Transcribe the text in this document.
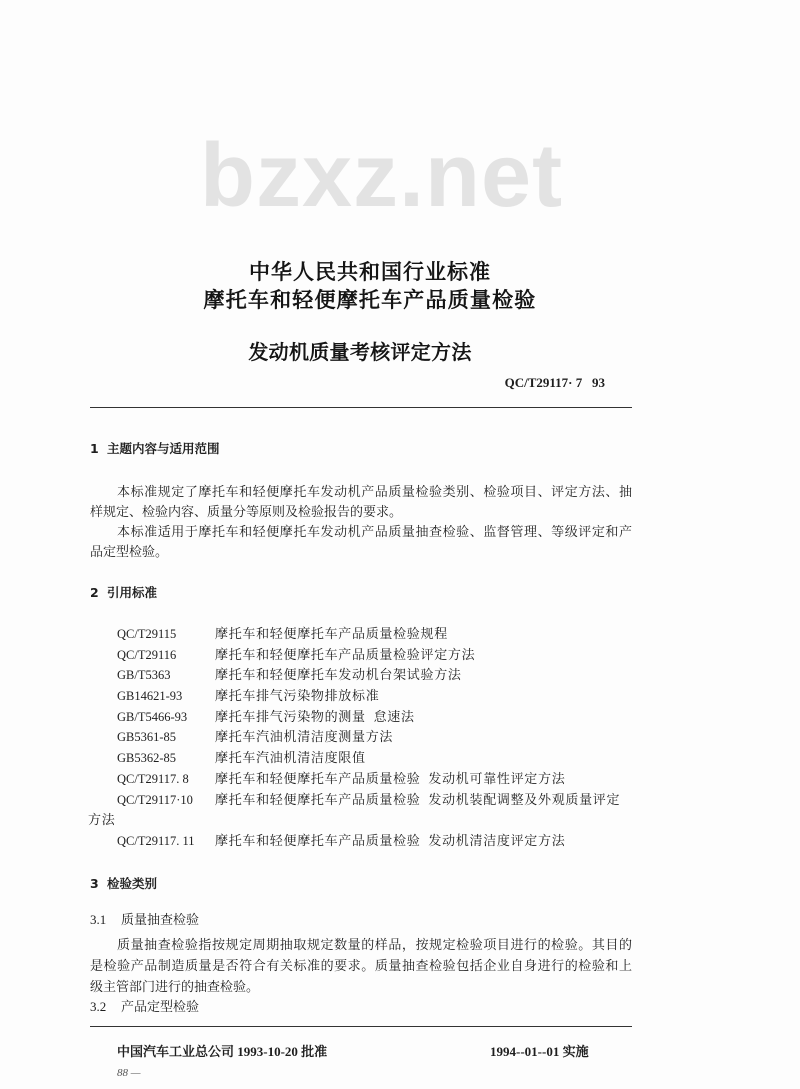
bzxz.net
中华人民共和国行业标准
摩托车和轻便摩托车产品质量检验
发动机质量考核评定方法
QC/T29117· 7   93
1 主题内容与适用范围
本标准规定了摩托车和轻便摩托车发动机产品质量检验类别、检验项目、评定方法、抽
样规定、检验内容、质量分等原则及检验报告的要求。
本标准适用于摩托车和轻便摩托车发动机产品质量抽查检验、监督管理、等级评定和产
品定型检验。
2 引用标准
QC/T29115	摩托车和轻便摩托车产品质量检验规程
QC/T29116	摩托车和轻便摩托车产品质量检验评定方法
GB/T5363	摩托车和轻便摩托车发动机台架试验方法
GB14621-93	摩托车排气污染物排放标准
GB/T5466-93 摩托车排气污染物的测量  怠速法
GB5361-85	摩托车汽油机清洁度测量方法
GB5362-85	摩托车汽油机清洁度限值
QC/T29117. 8 摩托车和轻便摩托车产品质量检验  发动机可靠性评定方法
QC/T29117·10 摩托车和轻便摩托车产品质量检验  发动机装配调整及外观质量评定
方法
QC/T29117. 11 摩托车和轻便摩托车产品质量检验  发动机清洁度评定方法
3 检验类别
3.1 质量抽查检验
质量抽查检验指按规定周期抽取规定数量的样品，按规定检验项目进行的检验。其目的
是检验产品制造质量是否符合有关标准的要求。质量抽查检验包括企业自身进行的检验和上
级主管部门进行的抽查检验。
3.2 产品定型检验
中国汽车工业总公司 1993-10-20 批准	1994--01--01 实施
88 —
